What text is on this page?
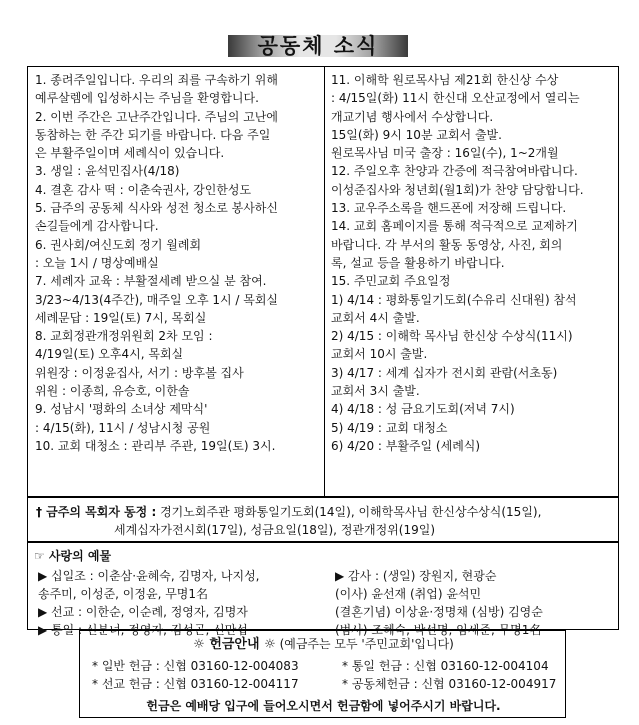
공동체 소식
1. 종려주일입니다. 우리의 죄를 구속하기 위해
예루살렘에 입성하시는 주님을 환영합니다.
2. 이번 주간은 고난주간입니다. 주님의 고난에
동참하는 한 주간 되기를 바랍니다. 다음 주일
은 부활주일이며 세례식이 있습니다.
3. 생일 : 윤석민집사(4/18)
4. 결혼 감사 떡 : 이춘숙권사, 강인한성도
5. 금주의 공동체 식사와 성전 청소로 봉사하신
손길들에게 감사합니다.
6. 권사회/여신도회 정기 월례회
: 오늘 1시 / 명상예배실
7. 세례자 교육 : 부활절세례 받으실 분 참여.
3/23~4/13(4주간), 매주일 오후 1시 / 목회실
세례문답 : 19일(토) 7시, 목회실
8. 교회정관개정위원회 2차 모임 :
4/19일(토) 오후4시, 목회실
위원장 : 이정윤집사, 서기 : 방후볼 집사
위원 : 이종희, 유승호, 이한솔
9. 성남시 '평화의 소녀상 제막식'
: 4/15(화), 11시 / 성남시청 공원
10. 교회 대청소 : 관리부 주관, 19일(토) 3시.
11. 이해학 원로목사님 제21회 한신상 수상
: 4/15일(화) 11시 한신대 오산교정에서 열리는
개교기념 행사에서 수상합니다.
15일(화) 9시 10분 교회서 출발.
원로목사님 미국 출장 : 16일(수), 1~2개월
12. 주일오후 찬양과 간증에 적극참여바랍니다.
이성준집사와 청년회(월1회)가 찬양 담당합니다.
13. 교우주소록을 핸드폰에 저장해 드립니다.
14. 교회 홈페이지를 통해 적극적으로 교제하기
바랍니다. 각 부서의 활동 동영상, 사진, 회의
록, 설교 등을 활용하기 바랍니다.
15. 주민교회 주요일정
1) 4/14 : 평화통일기도회(수유리 신대원) 참석
교회서 4시 출발.
2) 4/15 : 이해학 목사님 한신상 수상식(11시)
교회서 10시 출발.
3) 4/17 : 세계 십자가 전시회 관람(서초동)
교회서 3시 출발.
4) 4/18 : 성 금요기도회(저녁 7시)
5) 4/19 : 교회 대청소
6) 4/20 : 부활주일 (세례식)
† 금주의 목회자 동정 : 경기노회주관 평화통일기도회(14일), 이해학목사님 한신상수상식(15일),
세계십자가전시회(17일), 성금요일(18일), 정관개정위(19일)
☞ 사랑의 예물
▶ 십일조 : 이춘삼·윤혜숙, 김명자, 나지성,
송주미, 이성준, 이정윤, 무명1名
▶ 선교 : 이한순, 이순례, 정영자, 김명자
▶ 통일 : 신분녀, 정영자, 김성곤, 신만섭
▶ 감사 : (생일) 장원지, 현광순
(이사) 윤선재 (취업) 윤석민
(결혼기념) 이상윤·정명채 (심방) 김영순
(범사) 조혜숙, 박선명, 임세준, 무명1名
☼ 헌금안내 ☼ (예금주는 모두 '주민교회'입니다)
* 일반 헌금 : 신협 03160-12-004083	* 통일 헌금 : 신협 03160-12-004104
* 선교 헌금 : 신협 03160-12-004117	* 공동체헌금 : 신협 03160-12-004917
헌금은 예배당 입구에 들어오시면서 헌금함에 넣어주시기 바랍니다.
